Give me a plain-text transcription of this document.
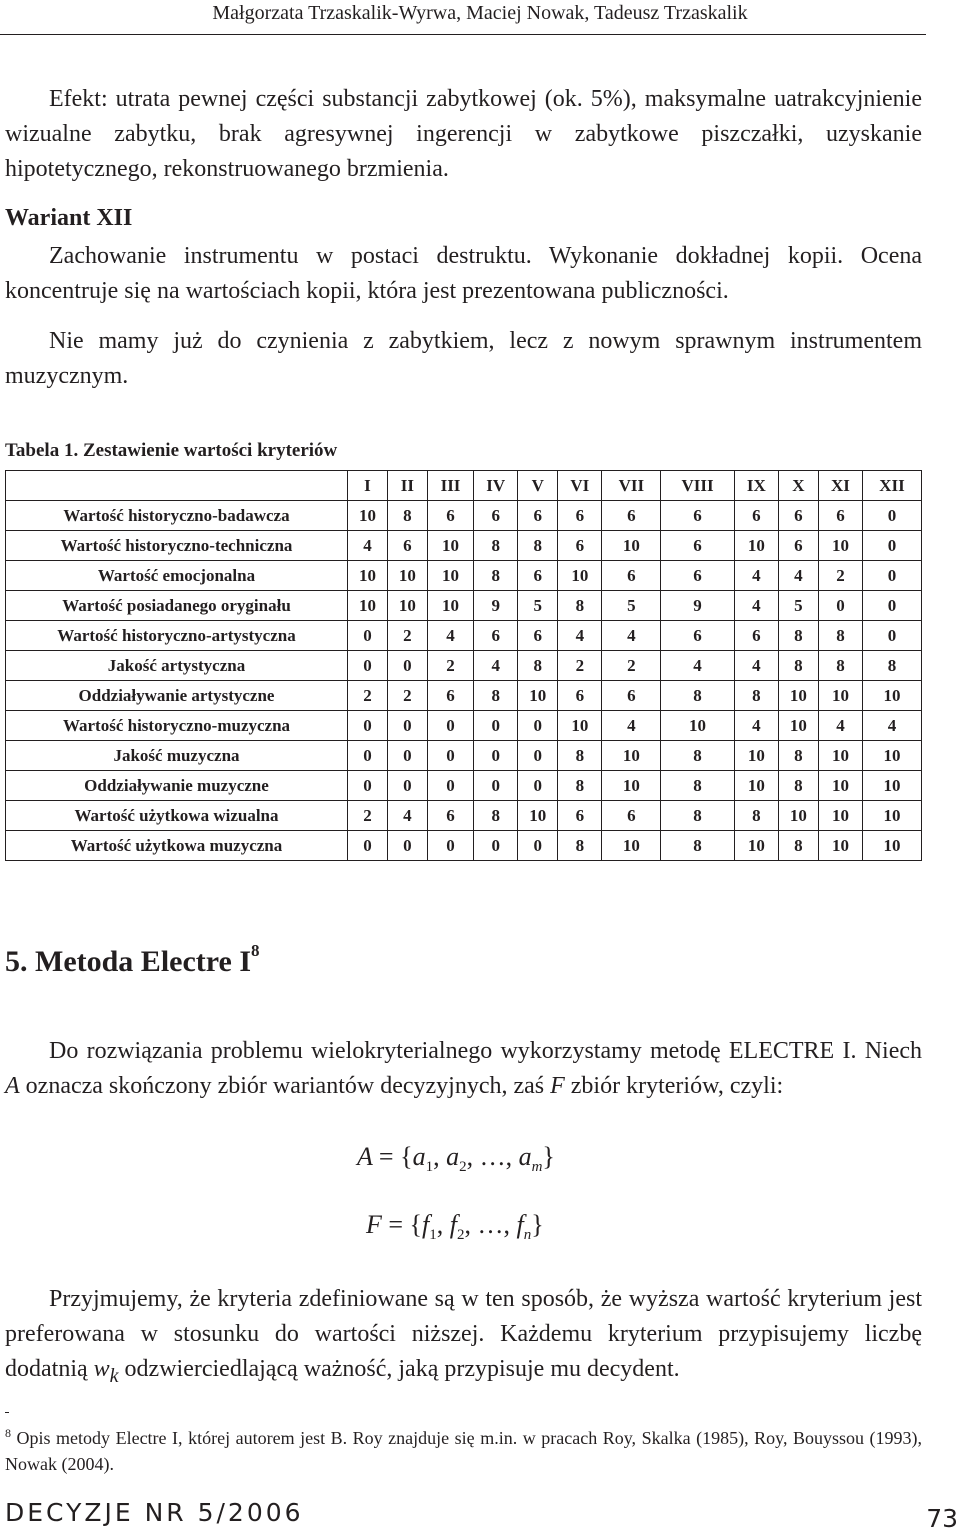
Małgorzata Trzaskalik-Wyrwa, Maciej Nowak, Tadeusz Trzaskalik

Efekt: utrata pewnej części substancji zabytkowej (ok. 5%), maksymalne uatrakcyjnienie wizualne zabytku, brak agresywnej ingerencji w zabytkowe piszczałki, uzyskanie hipotetycznego, rekonstruowanego brzmienia.

Wariant XII

Zachowanie instrumentu w postaci destruktu. Wykonanie dokładnej kopii. Ocena koncentruje się na wartościach kopii, która jest prezentowana publiczności.

Nie mamy już do czynienia z zabytkiem, lecz z nowym sprawnym instrumentem muzycznym.

Tabela 1. Zestawienie wartości kryteriów
	I	II	III	IV	V	VI	VII	VIII	IX	X	XI	XII
Wartość historyczno-badawcza	10	8	6	6	6	6	6	6	6	6	6	0
Wartość historyczno-techniczna	4	6	10	8	8	6	10	6	10	6	10	0
Wartość emocjonalna	10	10	10	8	6	10	6	6	4	4	2	0
Wartość posiadanego oryginału	10	10	10	9	5	8	5	9	4	5	0	0
Wartość historyczno-artystyczna	0	2	4	6	6	4	4	6	6	8	8	0
Jakość artystyczna	0	0	2	4	8	2	2	4	4	8	8	8
Oddziaływanie artystyczne	2	2	6	8	10	6	6	8	8	10	10	10
Wartość historyczno-muzyczna	0	0	0	0	0	10	4	10	4	10	4	4
Jakość muzyczna	0	0	0	0	0	8	10	8	10	8	10	10
Oddziaływanie muzyczne	0	0	0	0	0	8	10	8	10	8	10	10
Wartość użytkowa wizualna	2	4	6	8	10	6	6	8	8	10	10	10
Wartość użytkowa muzyczna	0	0	0	0	0	8	10	8	10	8	10	10
5. Metoda Electre $I^8$

Do rozwiązania problemu wielokryterialnego wykorzystamy metodę ELECTRE I. Niech A oznacza skończony zbiór wariantów decyzyjnych, zaś F zbiór kryteriów, czyli:

$A = \{a_1$, $a_2$, …, $a_m$}
$F = \{f_1$, $f_2$, …, $f_n$}

Przyjmujemy, że kryteria zdefiniowane są w ten sposób, że wyższa wartość kryterium jest preferowana w stosunku do wartości niższej. Każdemu kryterium przypisujemy liczbę dodatnią $w_k$ odzwierciedlającą ważność, jaką przypisuje mu decydent.

$^8$ Opis metody Electre I, której autorem jest B. Roy znajduje się m.in. w pracach Roy, Skalka (1985), Roy, Bouyssou (1993), Nowak (2004).

DECYZJE NR 5/2006	73
